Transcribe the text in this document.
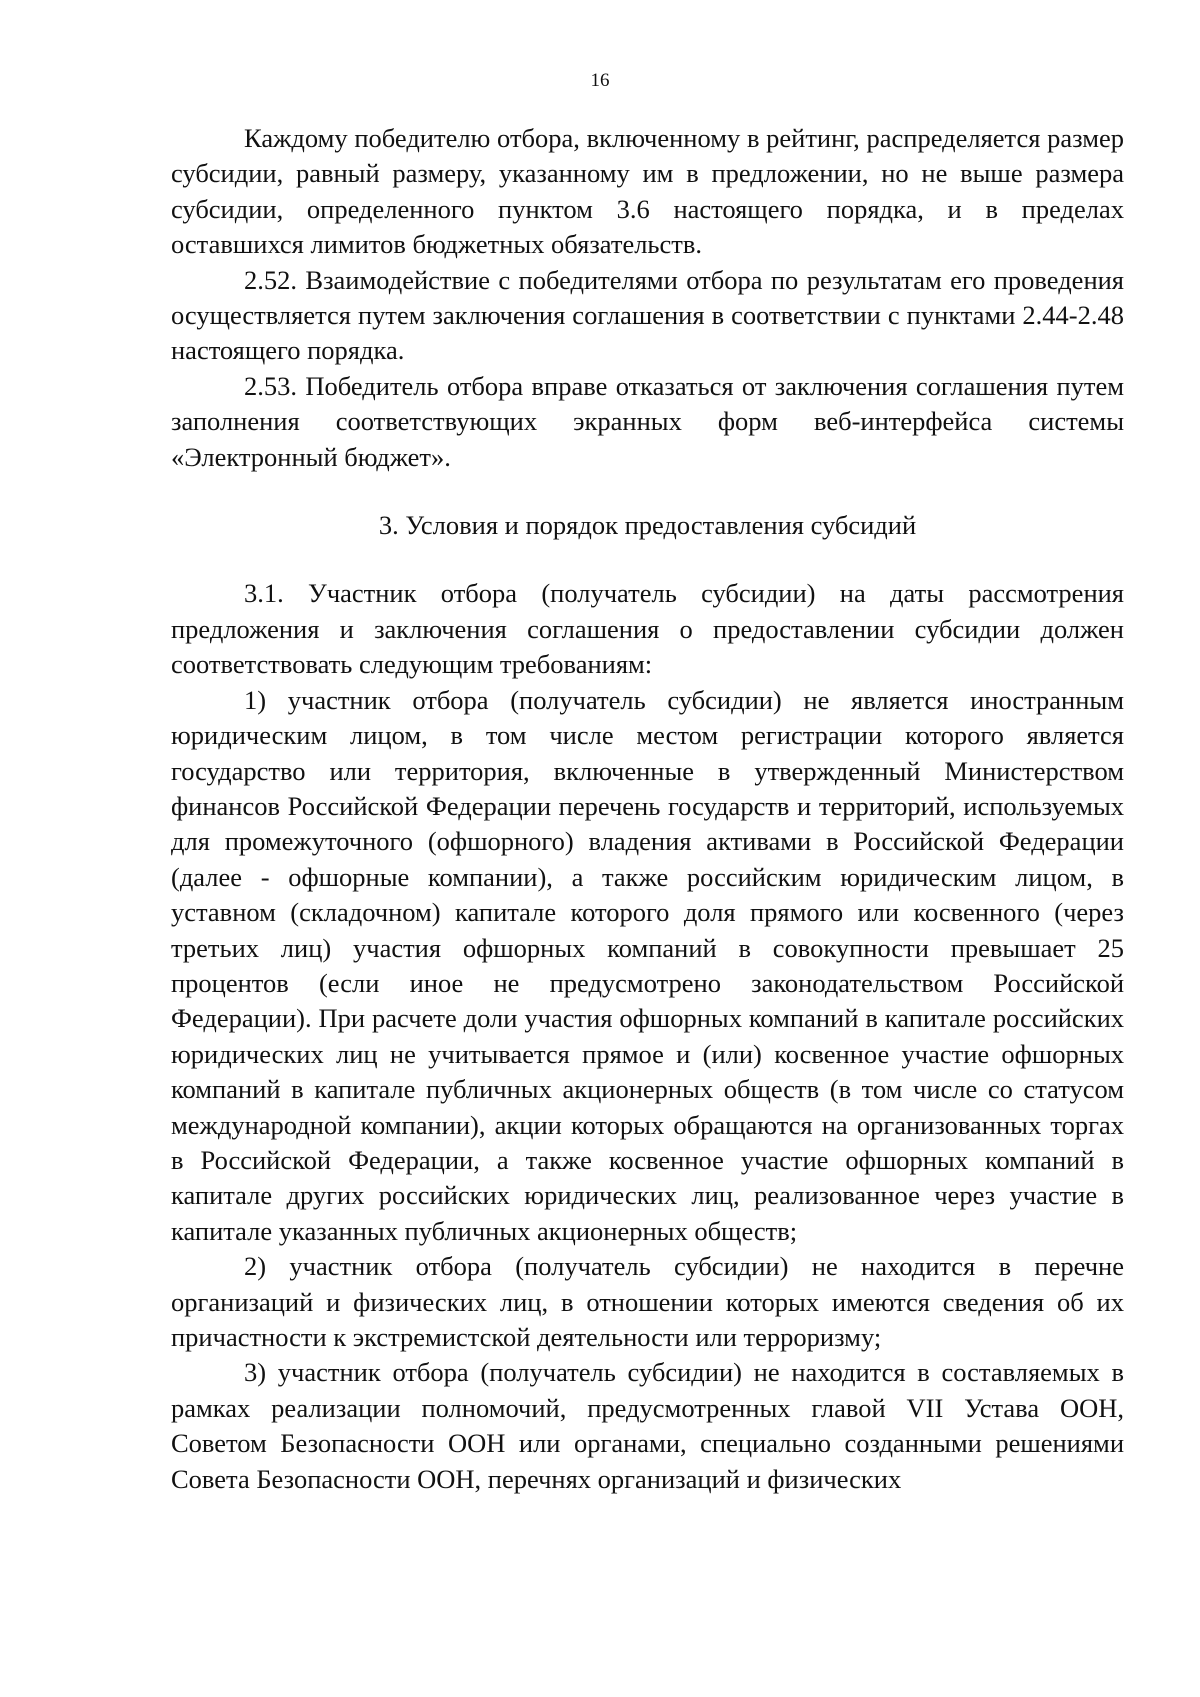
16

Каждому победителю отбора, включенному в рейтинг, распределяется размер субсидии, равный размеру, указанному им в предложении, но не выше размера субсидии, определенного пунктом 3.6 настоящего порядка, и в пределах оставшихся лимитов бюджетных обязательств.

2.52. Взаимодействие с победителями отбора по результатам его проведения осуществляется путем заключения соглашения в соответствии с пунктами 2.44-2.48 настоящего порядка.

2.53. Победитель отбора вправе отказаться от заключения соглашения путем заполнения соответствующих экранных форм веб-интерфейса системы «Электронный бюджет».

3. Условия и порядок предоставления субсидий

3.1. Участник отбора (получатель субсидии) на даты рассмотрения предложения и заключения соглашения о предоставлении субсидии должен соответствовать следующим требованиям:

1) участник отбора (получатель субсидии) не является иностранным юридическим лицом, в том числе местом регистрации которого является государство или территория, включенные в утвержденный Министерством финансов Российской Федерации перечень государств и территорий, используемых для промежуточного (офшорного) владения активами в Российской Федерации (далее - офшорные компании), а также российским юридическим лицом, в уставном (складочном) капитале которого доля прямого или косвенного (через третьих лиц) участия офшорных компаний в совокупности превышает 25 процентов (если иное не предусмотрено законодательством Российской Федерации). При расчете доли участия офшорных компаний в капитале российских юридических лиц не учитывается прямое и (или) косвенное участие офшорных компаний в капитале публичных акционерных обществ (в том числе со статусом международной компании), акции которых обращаются на организованных торгах в Российской Федерации, а также косвенное участие офшорных компаний в капитале других российских юридических лиц, реализованное через участие в капитале указанных публичных акционерных обществ;

2) участник отбора (получатель субсидии) не находится в перечне организаций и физических лиц, в отношении которых имеются сведения об их причастности к экстремистской деятельности или терроризму;

3) участник отбора (получатель субсидии) не находится в составляемых в рамках реализации полномочий, предусмотренных главой VII Устава ООН, Советом Безопасности ООН или органами, специально созданными решениями Совета Безопасности ООН, перечнях организаций и физических
